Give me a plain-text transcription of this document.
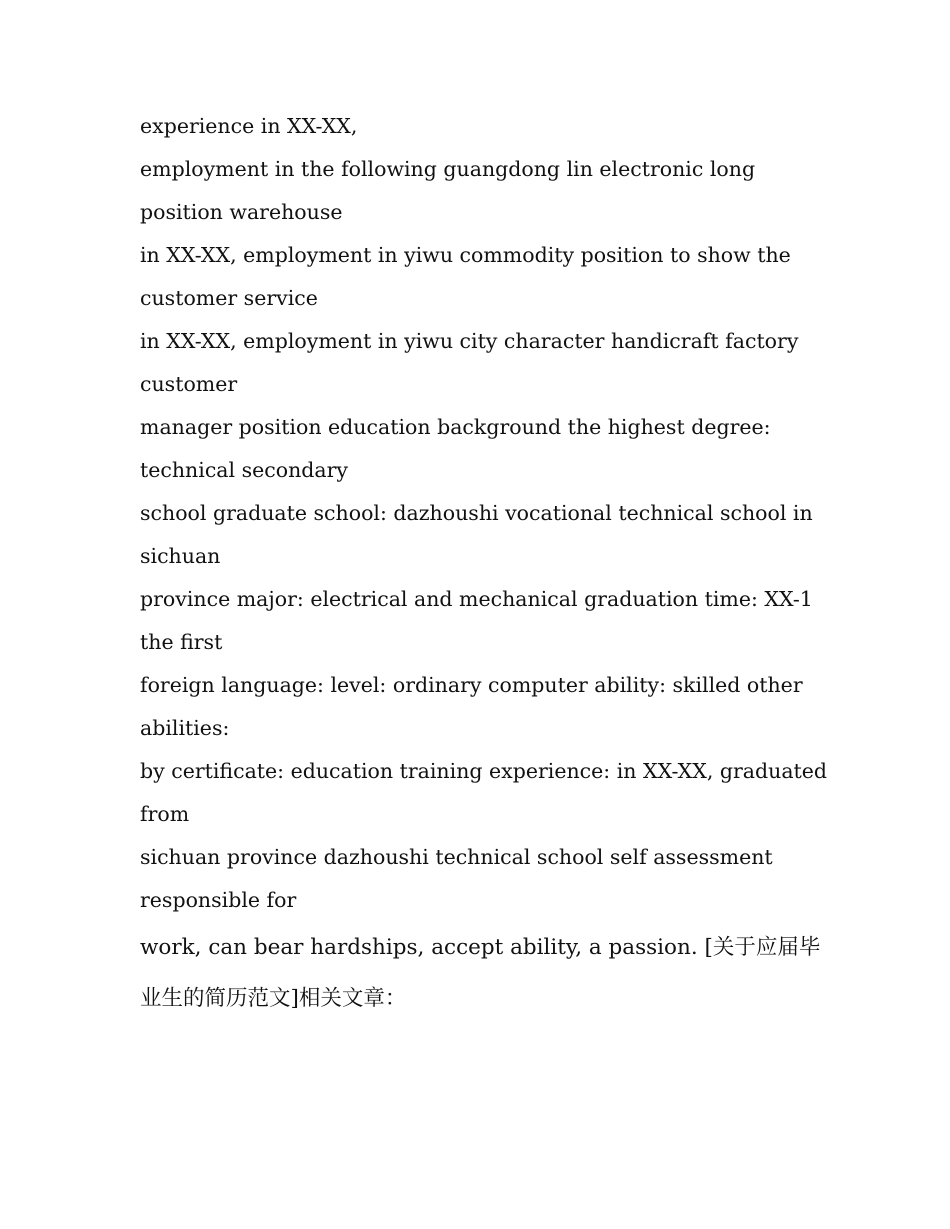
experience in XX-XX,
employment in the following guangdong lin electronic long
position warehouse
in XX-XX, employment in yiwu commodity position to show the
customer service
in XX-XX, employment in yiwu city character handicraft factory
customer
manager position education background the highest degree:
technical secondary
school graduate school: dazhoushi vocational technical school in
sichuan
province major: electrical and mechanical graduation time: XX-1
the first
foreign language: level: ordinary computer ability: skilled other
abilities:
by certificate: education training experience: in XX-XX, graduated
from
sichuan province dazhoushi technical school self assessment
responsible for
work, can bear hardships, accept ability, a passion. [关于应届毕
业生的简历范文]相关文章：
